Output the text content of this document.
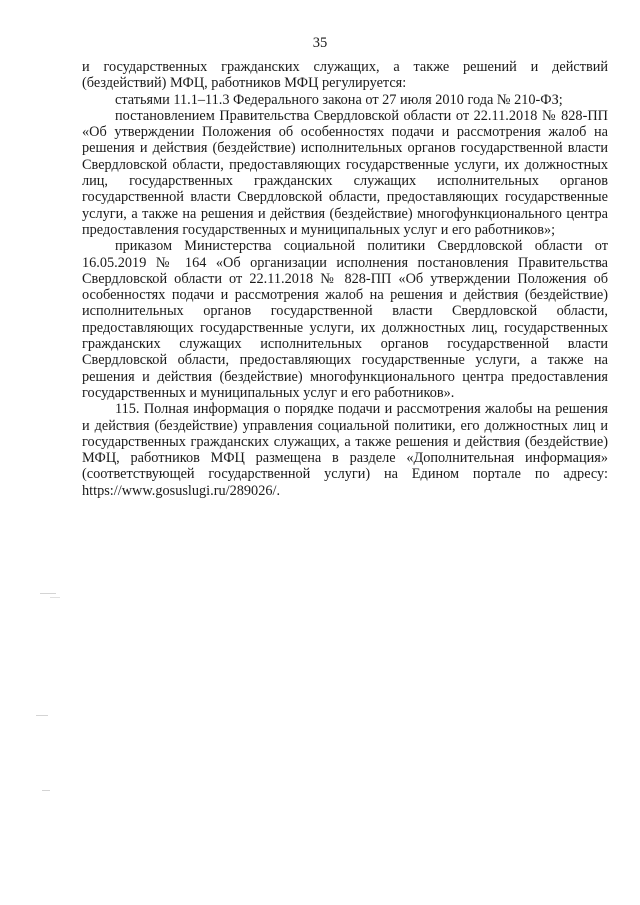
35

и государственных гражданских служащих, а также решений и действий (бездействий) МФЦ, работников МФЦ регулируется:

статьями 11.1–11.3 Федерального закона от 27 июля 2010 года № 210-ФЗ;

постановлением Правительства Свердловской области от 22.11.2018 № 828-ПП «Об утверждении Положения об особенностях подачи и рассмотрения жалоб на решения и действия (бездействие) исполнительных органов государственной власти Свердловской области, предоставляющих государственные услуги, их должностных лиц, государственных гражданских служащих исполнительных органов государственной власти Свердловской области, предоставляющих государственные услуги, а также на решения и действия (бездействие) многофункционального центра предоставления государственных и муниципальных услуг и его работников»;

приказом Министерства социальной политики Свердловской области от 16.05.2019 № 164 «Об организации исполнения постановления Правительства Свердловской области от 22.11.2018 № 828-ПП «Об утверждении Положения об особенностях подачи и рассмотрения жалоб на решения и действия (бездействие) исполнительных органов государственной власти Свердловской области, предоставляющих государственные услуги, их должностных лиц, государственных гражданских служащих исполнительных органов государственной власти Свердловской области, предоставляющих государственные услуги, а также на решения и действия (бездействие) многофункционального центра предоставления государственных и муниципальных услуг и его работников».

115. Полная информация о порядке подачи и рассмотрения жалобы на решения и действия (бездействие) управления социальной политики, его должностных лиц и государственных гражданских служащих, а также решения и действия (бездействие) МФЦ, работников МФЦ размещена в разделе «Дополнительная информация» (соответствующей государственной услуги) на Едином портале по адресу: https://www.gosuslugi.ru/289026/.
